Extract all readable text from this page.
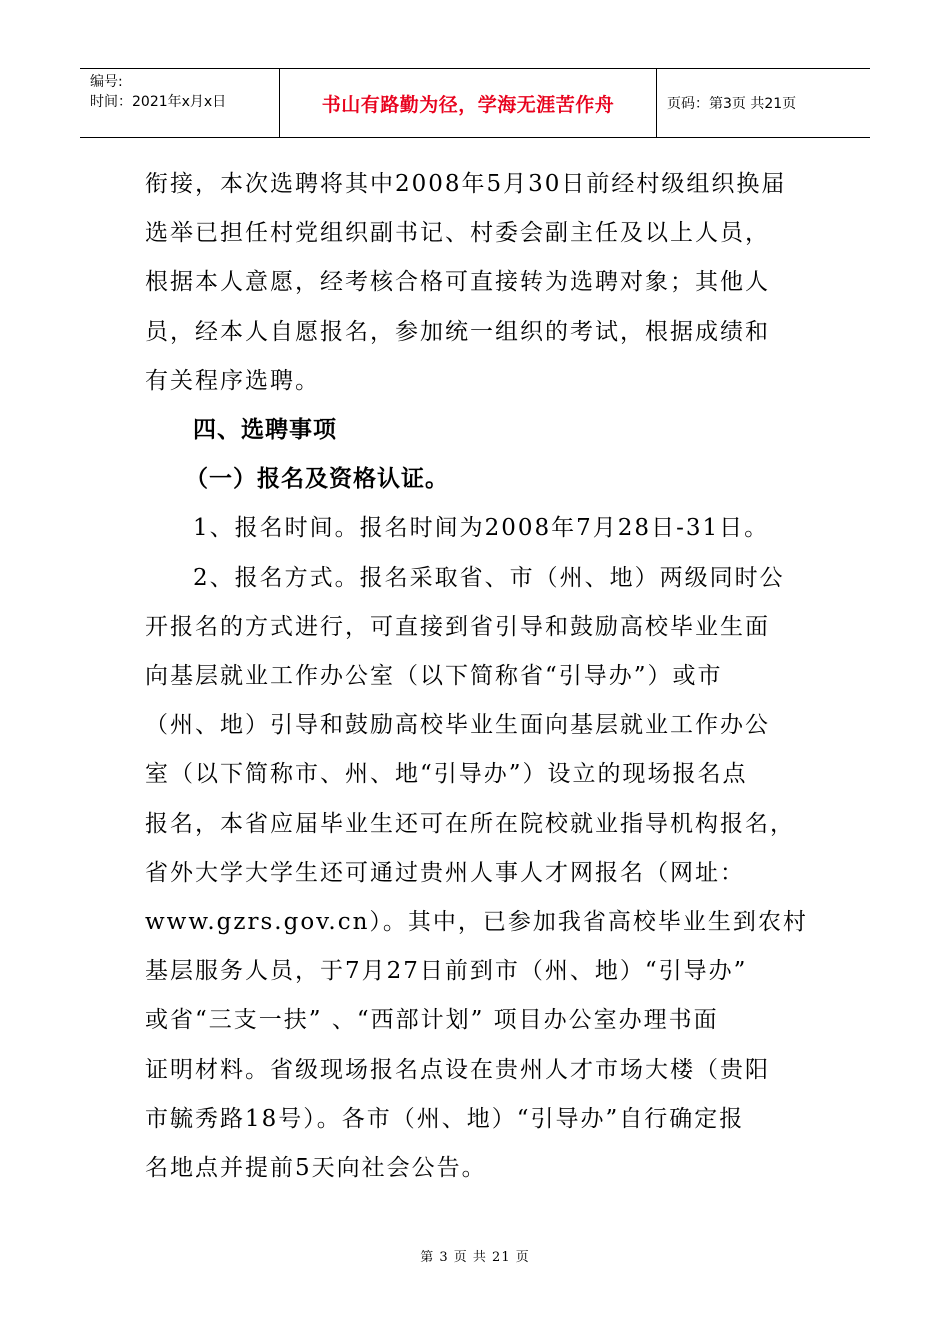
编号:
时间：2021年x月x日	书山有路勤为径，学海无涯苦作舟	页码：第3页 共21页

衔接，本次选聘将其中2008年5月30日前经村级组织换届

选举已担任村党组织副书记、村委会副主任及以上人员，

根据本人意愿，经考核合格可直接转为选聘对象；其他人

员，经本人自愿报名，参加统一组织的考试，根据成绩和

有关程序选聘。

四、选聘事项

（一）报名及资格认证。

1、报名时间。报名时间为2008年7月28日-31日。

2、报名方式。报名采取省、市（州、地）两级同时公

开报名的方式进行，可直接到省引导和鼓励高校毕业生面

向基层就业工作办公室（以下简称省“引导办”）或市

（州、地）引导和鼓励高校毕业生面向基层就业工作办公

室（以下简称市、州、地“引导办”）设立的现场报名点

报名，本省应届毕业生还可在所在院校就业指导机构报名，

省外大学大学生还可通过贵州人事人才网报名（网址：

www.gzrs.gov.cn）。其中，已参加我省高校毕业生到农村

基层服务人员，于7月27日前到市（州、地）“引导办”

或省“三支一扶” 、“西部计划” 项目办公室办理书面

证明材料。省级现场报名点设在贵州人才市场大楼（贵阳

市毓秀路18号）。各市（州、地）“引导办”自行确定报

名地点并提前5天向社会公告。

第 3 页 共 21 页
